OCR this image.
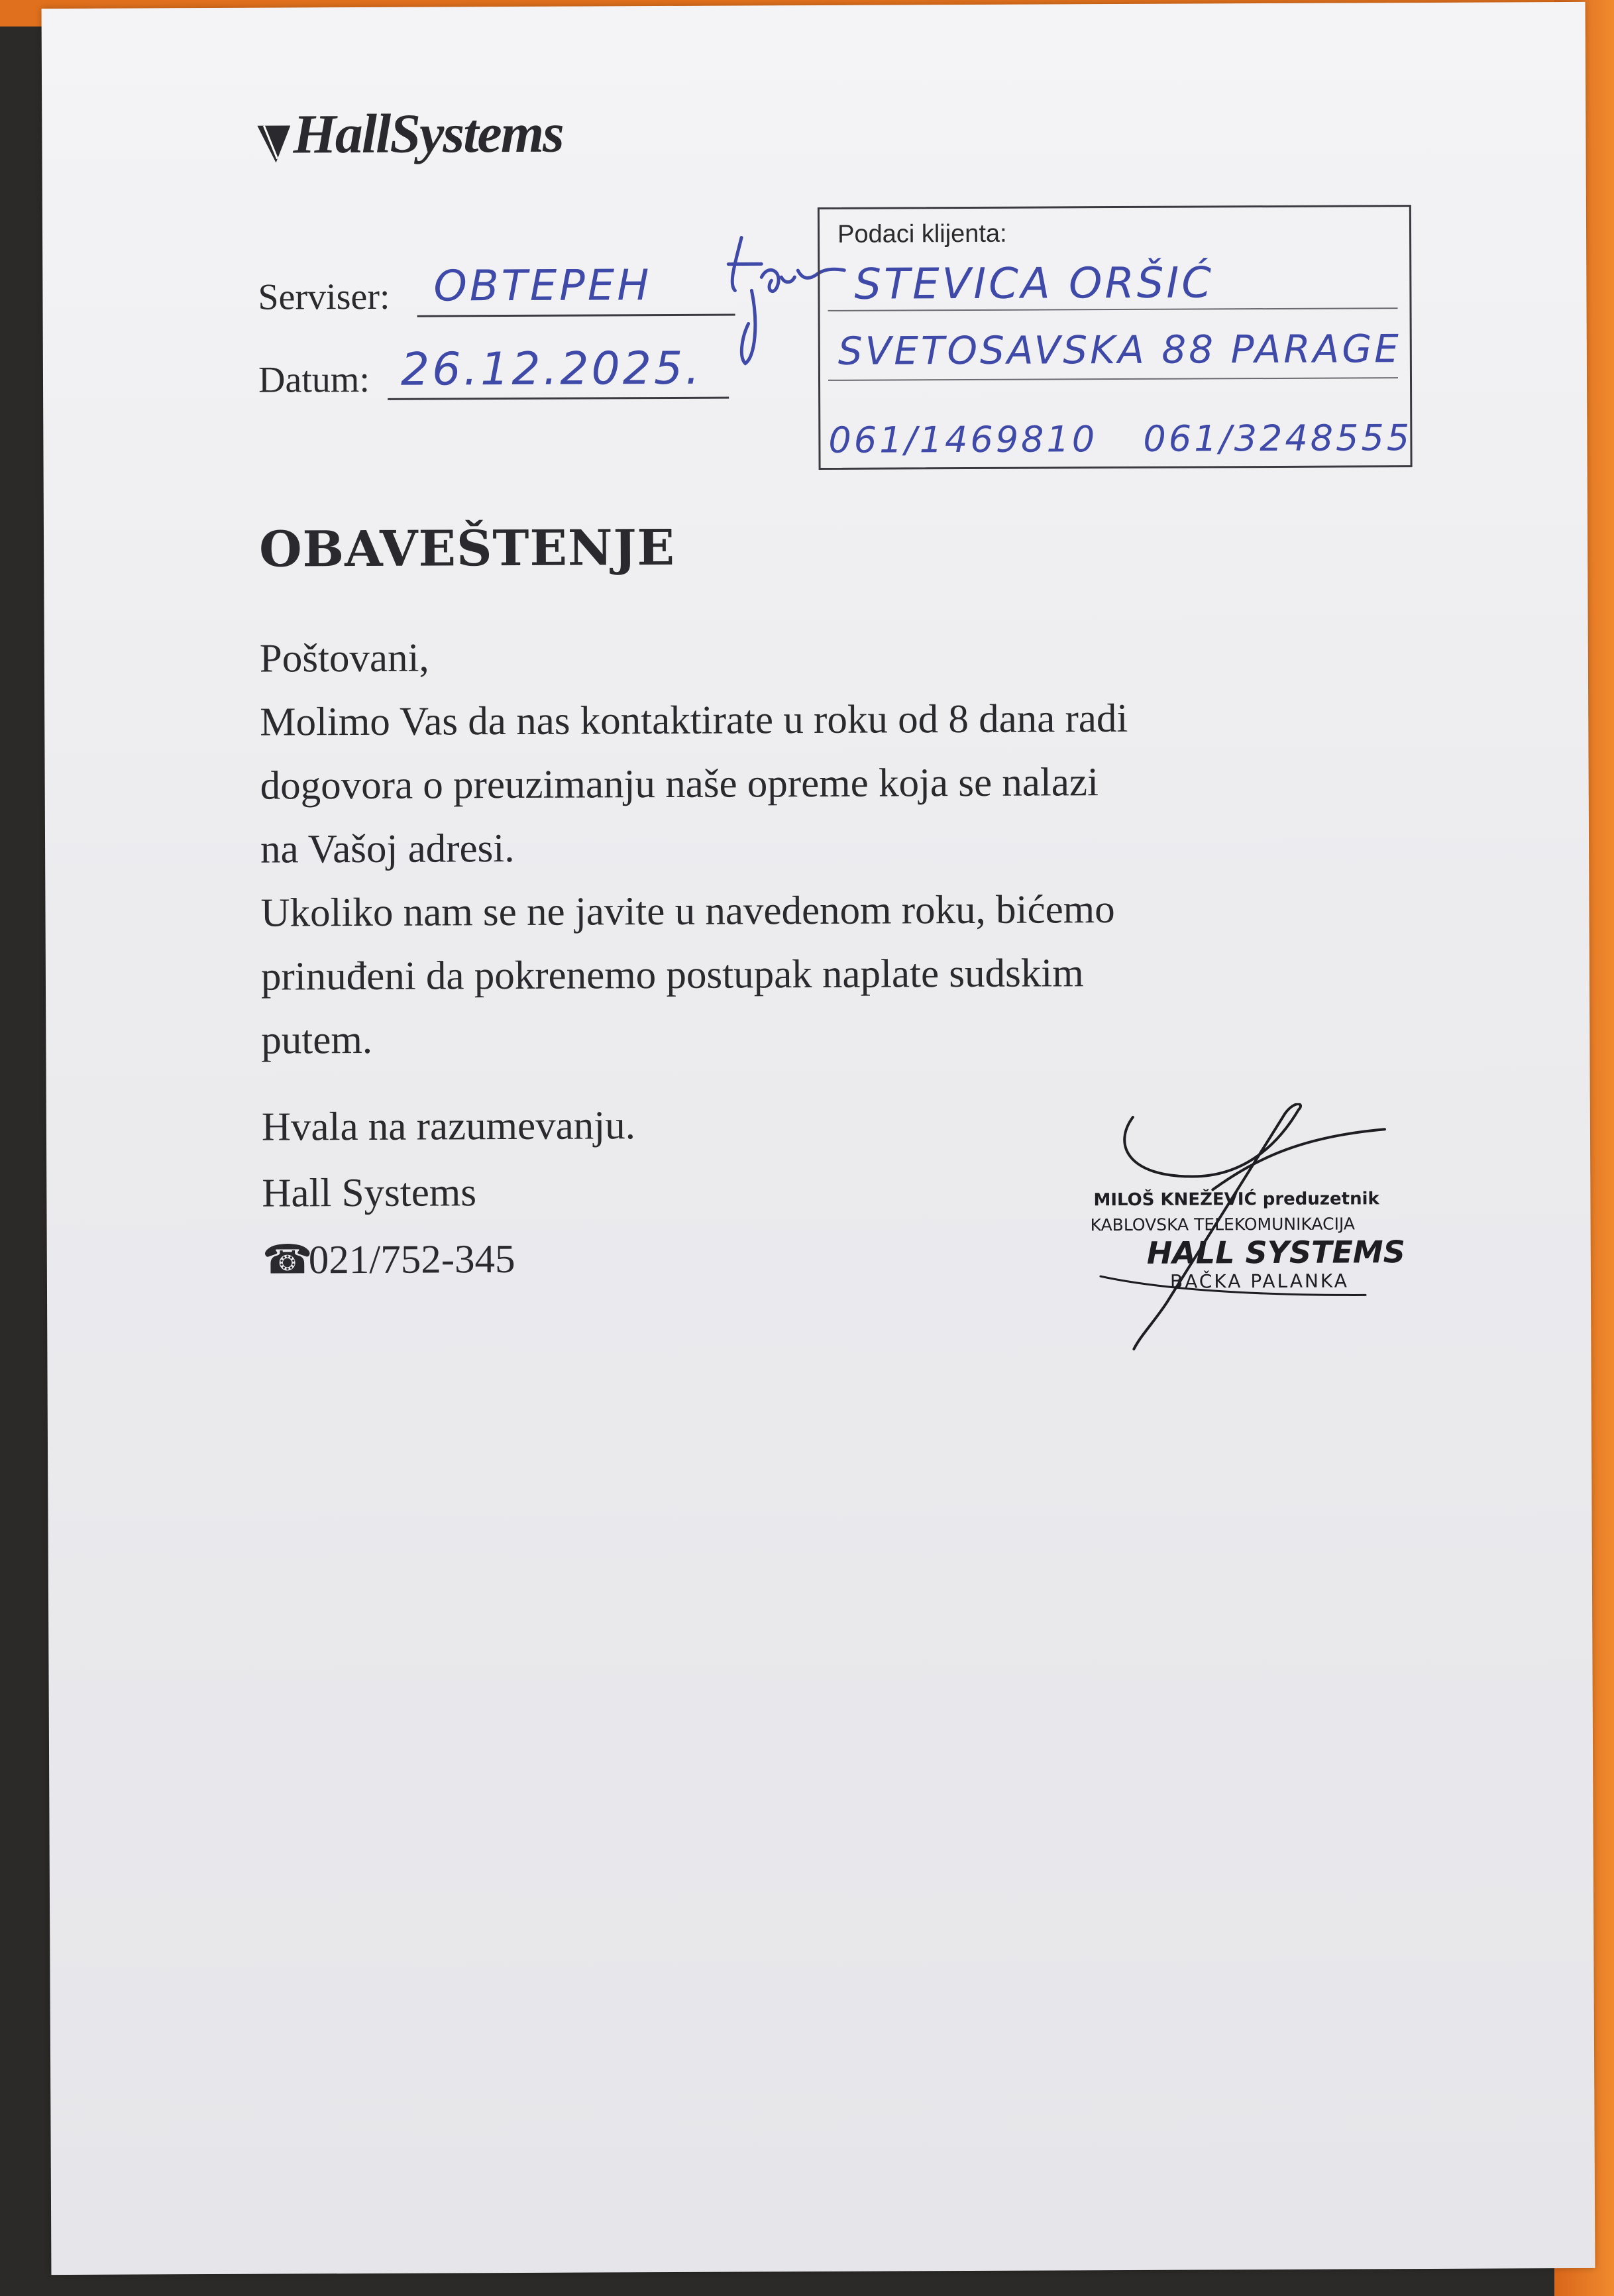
HallSystems
Serviser: OBTEPEH
Datum: 26.12.2025.
Podaci klijenta:
STEVICA ORŠIĆ
SVETOSAVSKA 88 PARAGE
061/1469810 061/3248555
OBAVEŠTENJE

Poštovani,

Molimo Vas da nas kontaktirate u roku od 8 dana radi

dogovora o preuzimanju naše opreme koja se nalazi

na Vašoj adresi.

Ukoliko nam se ne javite u navedenom roku, bićemo

prinuđeni da pokrenemo postupak naplate sudskim

putem.

Hvala na razumevanju.

Hall Systems

☎021/752-345

MILOŠ KNEŽEVIĆ preduzetnik
KABLOVSKA TELEKOMUNIKACIJA
HALL SYSTEMS
BAČKA PALANKA
